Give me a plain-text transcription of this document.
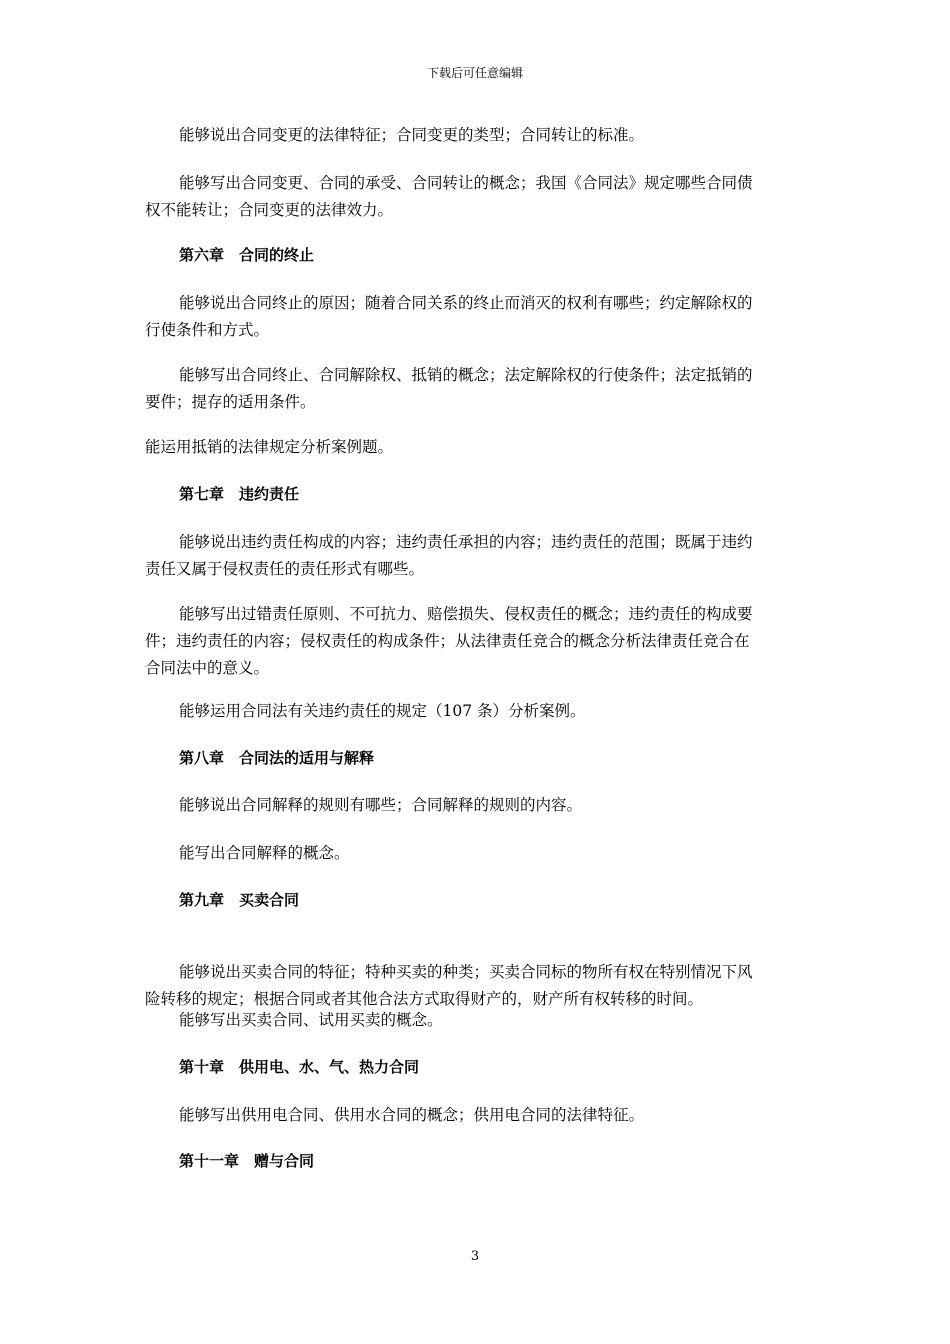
下载后可任意编辑
能够说出合同变更的法律特征；合同变更的类型；合同转让的标准。
能够写出合同变更、合同的承受、合同转让的概念；我国《合同法》规定哪些合同债
权不能转让；合同变更的法律效力。
第六章　合同的终止
能够说出合同终止的原因；随着合同关系的终止而消灭的权利有哪些；约定解除权的
行使条件和方式。
能够写出合同终止、合同解除权、抵销的概念；法定解除权的行使条件；法定抵销的
要件；提存的适用条件。
能运用抵销的法律规定分析案例题。
第七章　违约责任
能够说出违约责任构成的内容；违约责任承担的内容；违约责任的范围；既属于违约
责任又属于侵权责任的责任形式有哪些。
能够写出过错责任原则、不可抗力、赔偿损失、侵权责任的概念；违约责任的构成要
件；违约责任的内容；侵权责任的构成条件；从法律责任竞合的概念分析法律责任竞合在
合同法中的意义。
能够运用合同法有关违约责任的规定（107 条）分析案例。
第八章　合同法的适用与解释
能够说出合同解释的规则有哪些；合同解释的规则的内容。
能写出合同解释的概念。
第九章　买卖合同
能够说出买卖合同的特征；特种买卖的种类；买卖合同标的物所有权在特别情况下风
险转移的规定；根据合同或者其他合法方式取得财产的，财产所有权转移的时间。
能够写出买卖合同、试用买卖的概念。
第十章　供用电、水、气、热力合同
能够写出供用电合同、供用水合同的概念；供用电合同的法律特征。
第十一章　赠与合同
3
